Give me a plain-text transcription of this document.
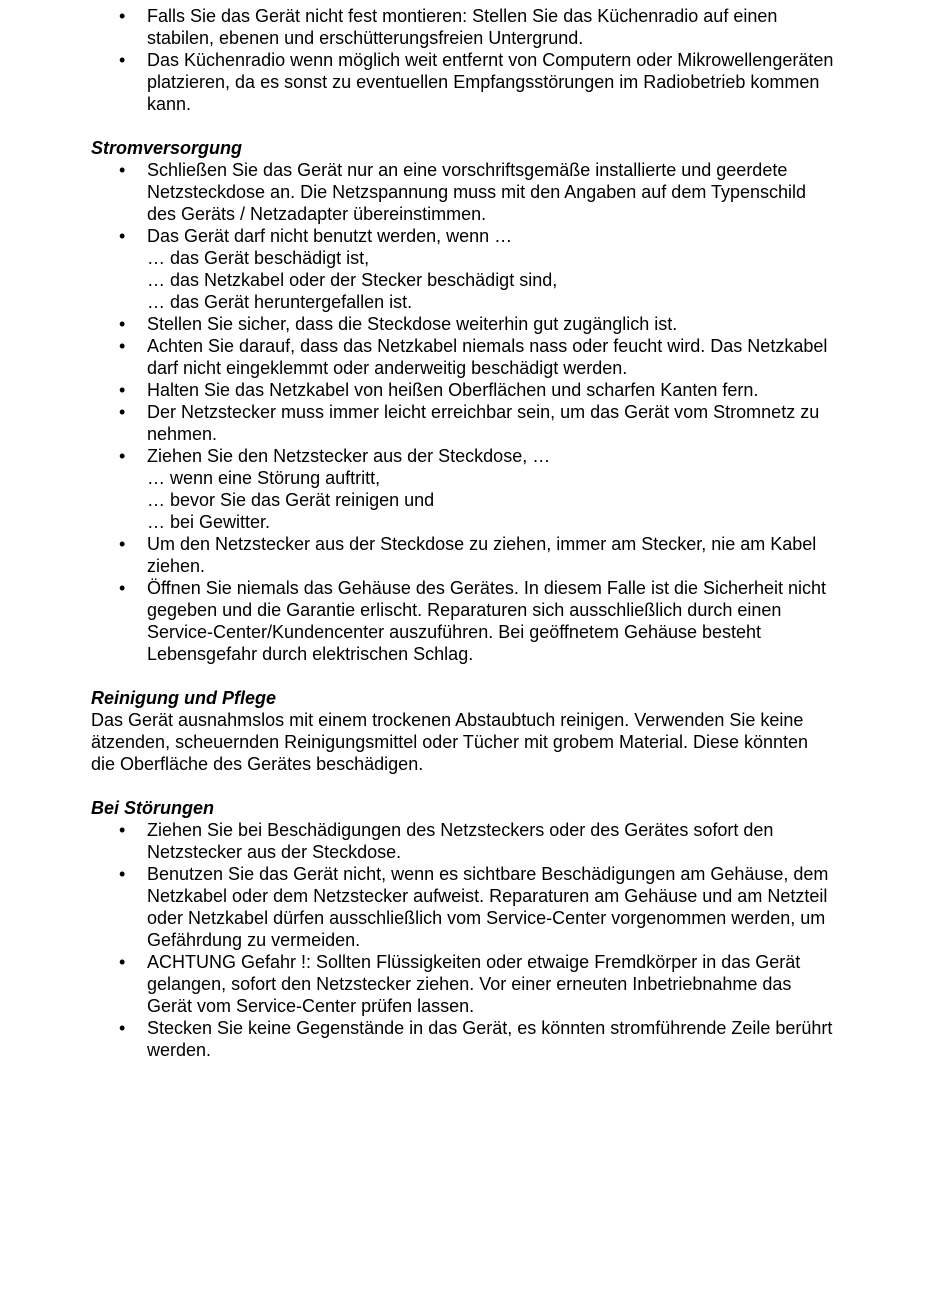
• Falls Sie das Gerät nicht fest montieren: Stellen Sie das Küchenradio auf einen
stabilen, ebenen und erschütterungsfreien Untergrund.
• Das Küchenradio wenn möglich weit entfernt von Computern oder Mikrowellengeräten
platzieren, da es sonst zu eventuellen Empfangsstörungen im Radiobetrieb kommen
kann.
Stromversorgung
• Schließen Sie das Gerät nur an eine vorschriftsgemäße installierte und geerdete
Netzsteckdose an. Die Netzspannung muss mit den Angaben auf dem Typenschild
des Geräts / Netzadapter übereinstimmen.
• Das Gerät darf nicht benutzt werden, wenn …
… das Gerät beschädigt ist,
… das Netzkabel oder der Stecker beschädigt sind,
… das Gerät heruntergefallen ist.
• Stellen Sie sicher, dass die Steckdose weiterhin gut zugänglich ist.
• Achten Sie darauf, dass das Netzkabel niemals nass oder feucht wird. Das Netzkabel
darf nicht eingeklemmt oder anderweitig beschädigt werden.
• Halten Sie das Netzkabel von heißen Oberflächen und scharfen Kanten fern.
• Der Netzstecker muss immer leicht erreichbar sein, um das Gerät vom Stromnetz zu
nehmen.
• Ziehen Sie den Netzstecker aus der Steckdose, …
… wenn eine Störung auftritt,
… bevor Sie das Gerät reinigen und
… bei Gewitter.
• Um den Netzstecker aus der Steckdose zu ziehen, immer am Stecker, nie am Kabel
ziehen.
• Öffnen Sie niemals das Gehäuse des Gerätes. In diesem Falle ist die Sicherheit nicht
gegeben und die Garantie erlischt. Reparaturen sich ausschließlich durch einen
Service-Center/Kundencenter auszuführen. Bei geöffnetem Gehäuse besteht
Lebensgefahr durch elektrischen Schlag.
Reinigung und Pflege
Das Gerät ausnahmslos mit einem trockenen Abstaubtuch reinigen. Verwenden Sie keine
ätzenden, scheuernden Reinigungsmittel oder Tücher mit grobem Material. Diese könnten
die Oberfläche des Gerätes beschädigen.
Bei Störungen
• Ziehen Sie bei Beschädigungen des Netzsteckers oder des Gerätes sofort den
Netzstecker aus der Steckdose.
• Benutzen Sie das Gerät nicht, wenn es sichtbare Beschädigungen am Gehäuse, dem
Netzkabel oder dem Netzstecker aufweist. Reparaturen am Gehäuse und am Netzteil
oder Netzkabel dürfen ausschließlich vom Service-Center vorgenommen werden, um
Gefährdung zu vermeiden.
• ACHTUNG Gefahr !: Sollten Flüssigkeiten oder etwaige Fremdkörper in das Gerät
gelangen, sofort den Netzstecker ziehen. Vor einer erneuten Inbetriebnahme das
Gerät vom Service-Center prüfen lassen.
• Stecken Sie keine Gegenstände in das Gerät, es könnten stromführende Zeile berührt
werden.
